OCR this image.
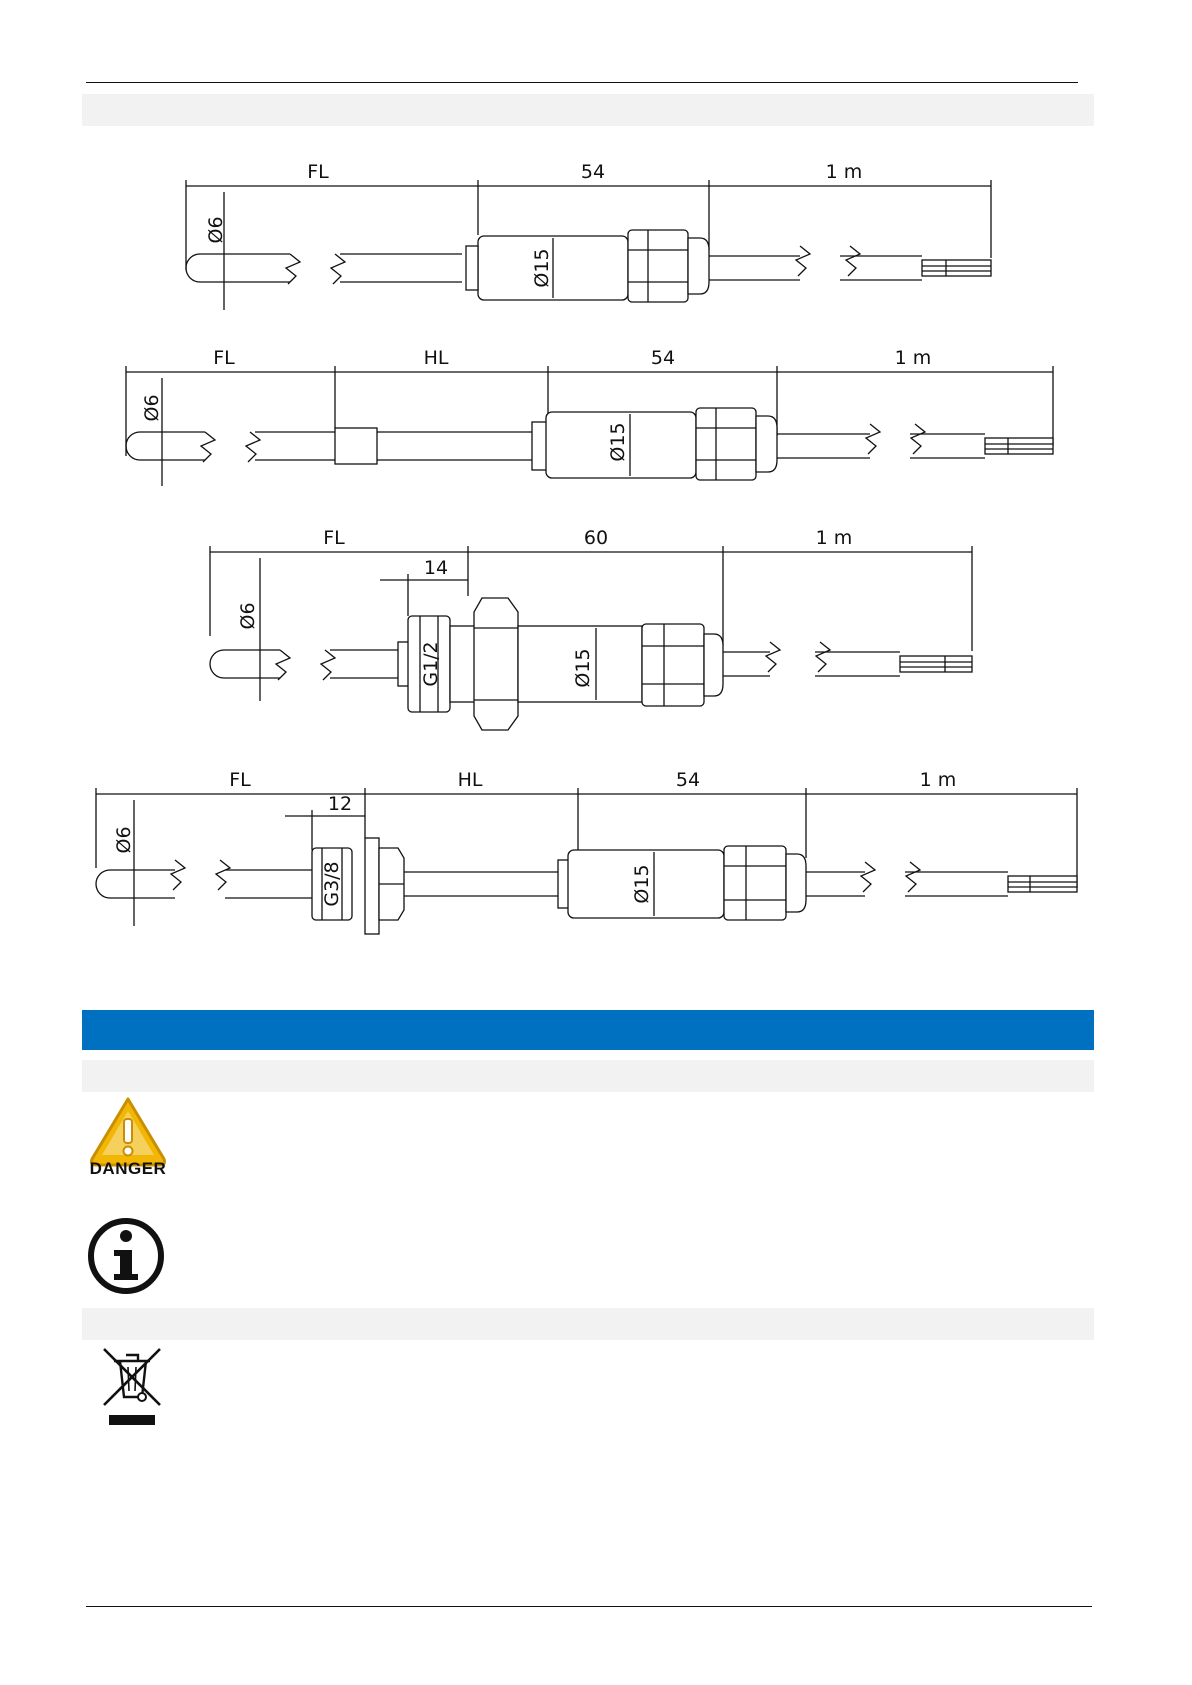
FL	54	1 m
Ø6
Ø15
FL	HL	54	1 m
Ø6
Ø15
FL	60	1 m
14
Ø6
G1/2	Ø15
FL	HL	54	1 m
12
Ø6
G3/8	Ø15
DANGER
